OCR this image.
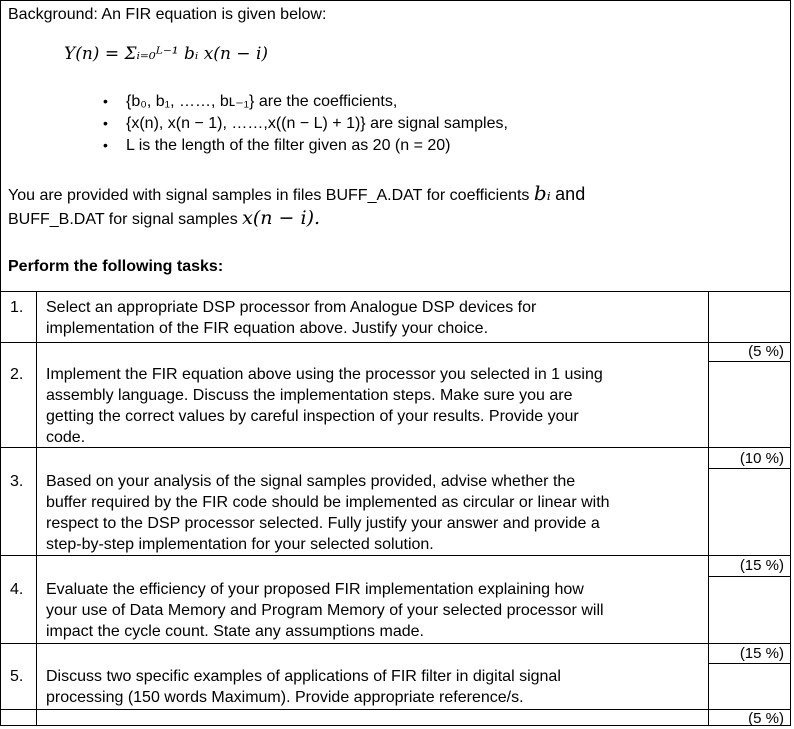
Background: An FIR equation is given below:
Y(n) = Σᵢ₌₀ᴸ⁻¹ bᵢ x(n − i)
• {b₀, b₁, ……, bʟ₋₁} are the coefficients,
• {x(n), x(n − 1), ……,x((n − L) + 1)} are signal samples,
• L is the length of the filter given as 20 (n = 20)
You are provided with signal samples in files BUFF_A.DAT for coefficients bᵢ and
BUFF_B.DAT for signal samples x(n − i).
Perform the following tasks:
1. Select an appropriate DSP processor from Analogue DSP devices for
implementation of the FIR equation above. Justify your choice.
(5 %)
2. Implement the FIR equation above using the processor you selected in 1 using
assembly language. Discuss the implementation steps. Make sure you are
getting the correct values by careful inspection of your results. Provide your
code.
(10 %)
3. Based on your analysis of the signal samples provided, advise whether the
buffer required by the FIR code should be implemented as circular or linear with
respect to the DSP processor selected. Fully justify your answer and provide a
step-by-step implementation for your selected solution.
(15 %)
4. Evaluate the efficiency of your proposed FIR implementation explaining how
your use of Data Memory and Program Memory of your selected processor will
impact the cycle count. State any assumptions made.
(15 %)
5. Discuss two specific examples of applications of FIR filter in digital signal
processing (150 words Maximum). Provide appropriate reference/s.
(5 %)
